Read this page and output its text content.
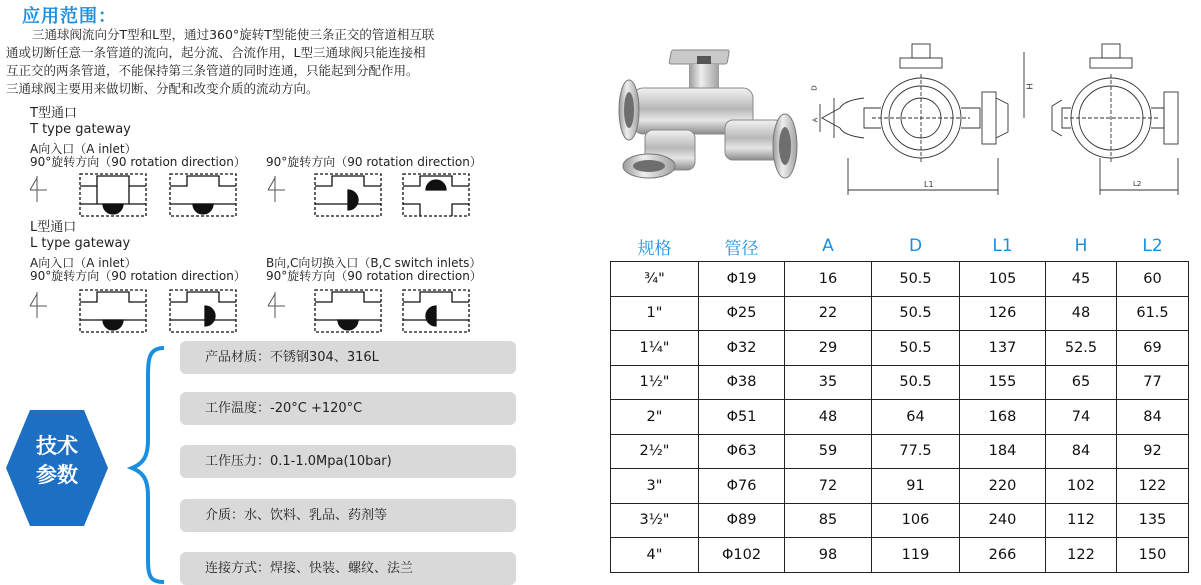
应用范围：

三通球阀流向分T型和L型，通过360°旋转T型能使三条正交的管道相互联

通或切断任意一条管道的流向，起分流、合流作用，L型三通球阀只能连接相

互正交的两条管道，不能保持第三条管道的同时连通，只能起到分配作用。

三通球阀主要用来做切断、分配和改变介质的流动方向。

T型通口
T type gateway
A向入口（A inlet）
90°旋转方向（90 rotation direction） 90°旋转方向（90 rotation direction）
L型通口
L type gateway
A向入口（A inlet）
90°旋转方向（90 rotation direction）
B向,C向切换入口（B,C switch inlets）
90°旋转方向（90 rotation direction）
技术
参数
产品材质：不锈钢304、316L
工作温度：-20°C +120°C
工作压力：0.1-1.0Mpa(10bar)
介质：水、饮料、乳品、药剂等
连接方式：焊接、快装、螺纹、法兰
A
D
L1
H
L2
规格	管径	A	D	L1	H	L2
¾"	Φ19	16	50.5	105	45	60
1"	Φ25	22	50.5	126	48	61.5
1¼"	Φ32	29	50.5	137	52.5	69
1½"	Φ38	35	50.5	155	65	77
2"	Φ51	48	64	168	74	84
2½"	Φ63	59	77.5	184	84	92
3"	Φ76	72	91	220	102	122
3½"	Φ89	85	106	240	112	135
4"	Φ102	98	119	266	122	150
